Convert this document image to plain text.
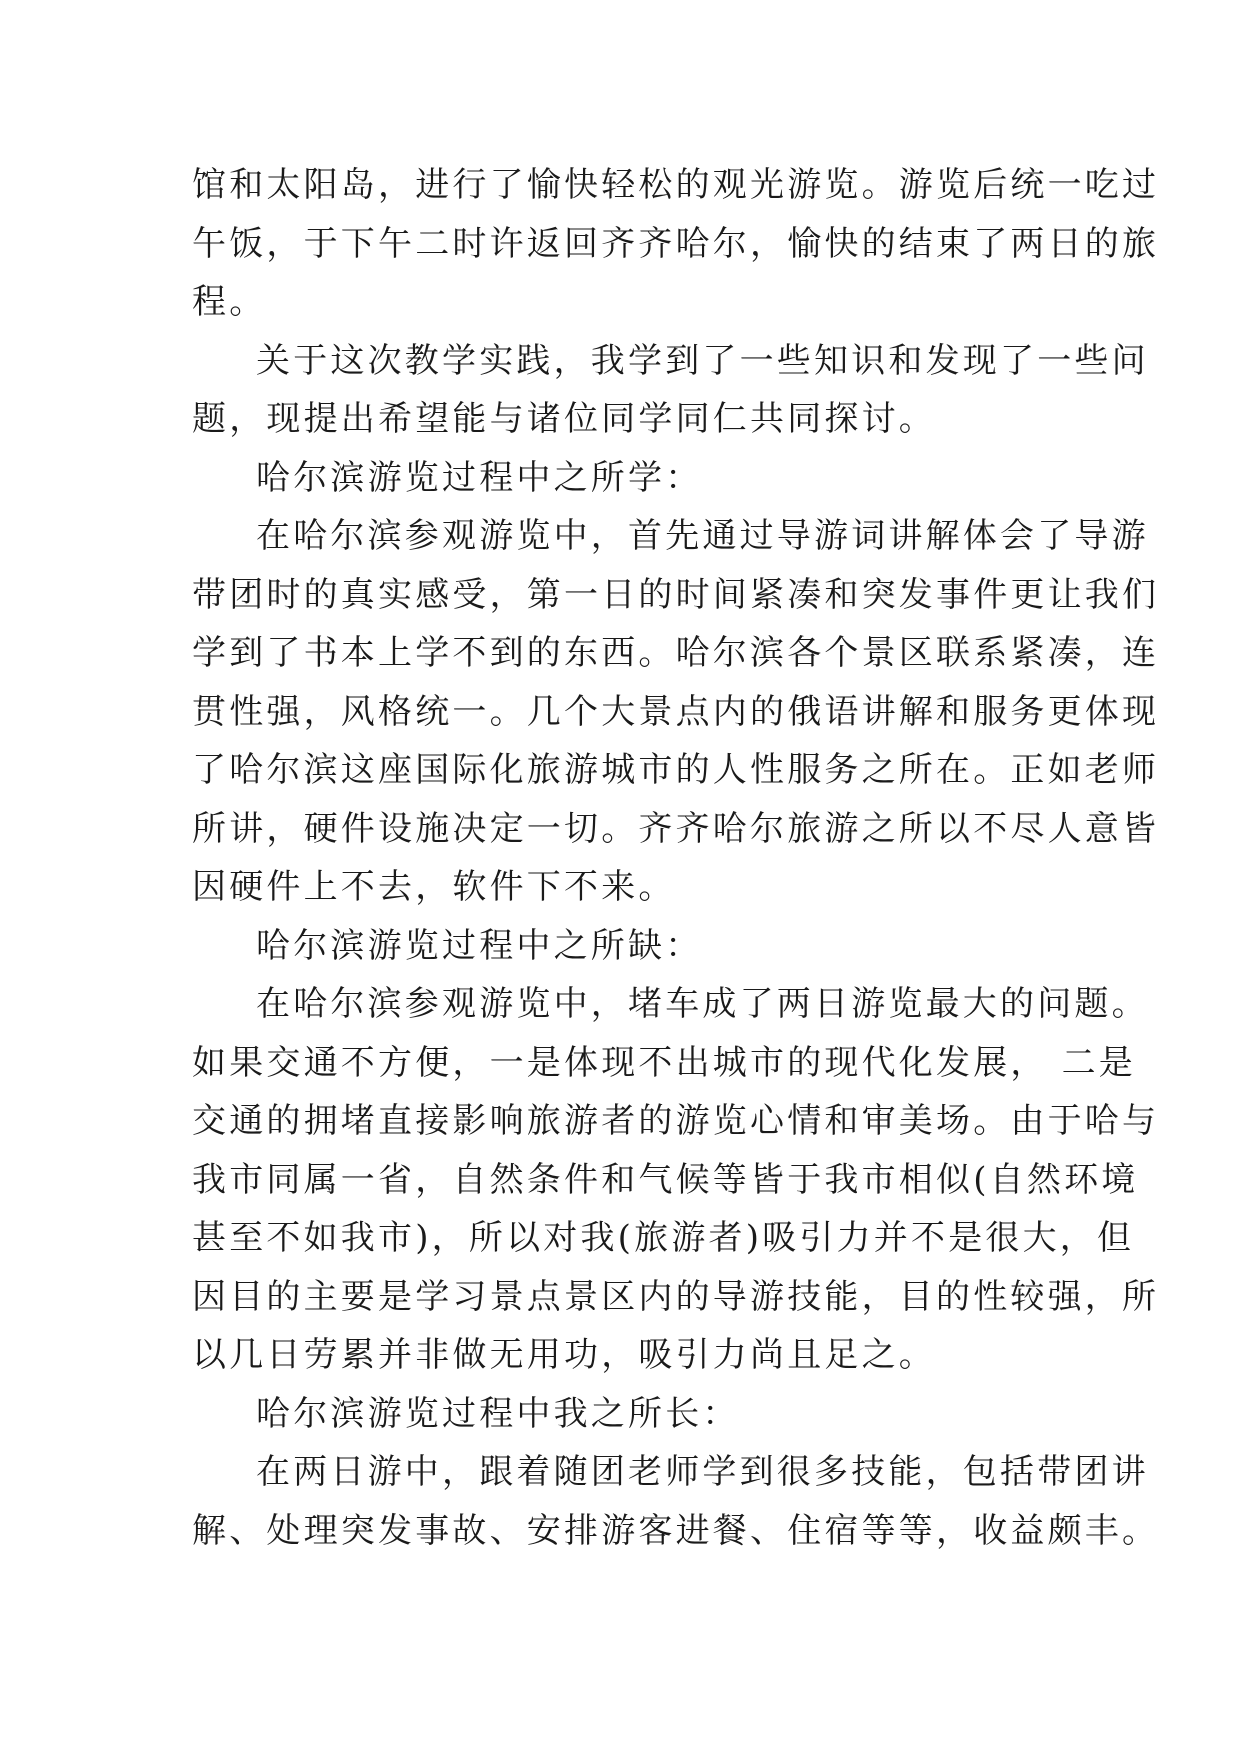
馆和太阳岛，进行了愉快轻松的观光游览。游览后统一吃过
午饭，于下午二时许返回齐齐哈尔，愉快的结束了两日的旅
程。
关于这次教学实践，我学到了一些知识和发现了一些问
题，现提出希望能与诸位同学同仁共同探讨。
哈尔滨游览过程中之所学：
在哈尔滨参观游览中，首先通过导游词讲解体会了导游
带团时的真实感受，第一日的时间紧凑和突发事件更让我们
学到了书本上学不到的东西。哈尔滨各个景区联系紧凑，连
贯性强，风格统一。几个大景点内的俄语讲解和服务更体现
了哈尔滨这座国际化旅游城市的人性服务之所在。正如老师
所讲，硬件设施决定一切。齐齐哈尔旅游之所以不尽人意皆
因硬件上不去，软件下不来。
哈尔滨游览过程中之所缺：
在哈尔滨参观游览中，堵车成了两日游览最大的问题。
如果交通不方便，一是体现不出城市的现代化发展， 二是
交通的拥堵直接影响旅游者的游览心情和审美场。由于哈与
我市同属一省，自然条件和气候等皆于我市相似(自然环境
甚至不如我市)，所以对我(旅游者)吸引力并不是很大，但
因目的主要是学习景点景区内的导游技能，目的性较强，所
以几日劳累并非做无用功，吸引力尚且足之。
哈尔滨游览过程中我之所长：
在两日游中，跟着随团老师学到很多技能，包括带团讲
解、处理突发事故、安排游客进餐、住宿等等，收益颇丰。
